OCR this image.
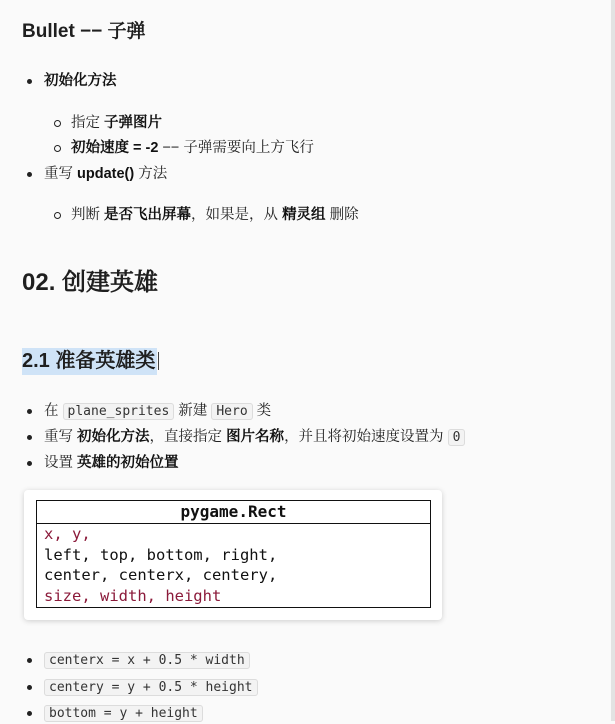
Bullet −− 子弹
初始化方法
指定 子弹图片
初始速度 = -2 −− 子弹需要向上方飞行
重写 update() 方法
判断 是否飞出屏幕，如果是，从 精灵组 删除
02. 创建英雄
2.1 准备英雄类
在 plane_sprites 新建 Hero 类
重写 初始化方法，直接指定 图片名称，并且将初始速度设置为 0
设置 英雄的初始位置
pygame.Rect
x, y,
left, top, bottom, right,
center, centerx, centery,
size, width, height
centerx = x + 0.5 * width
centery = y + 0.5 * height
bottom = y + height
